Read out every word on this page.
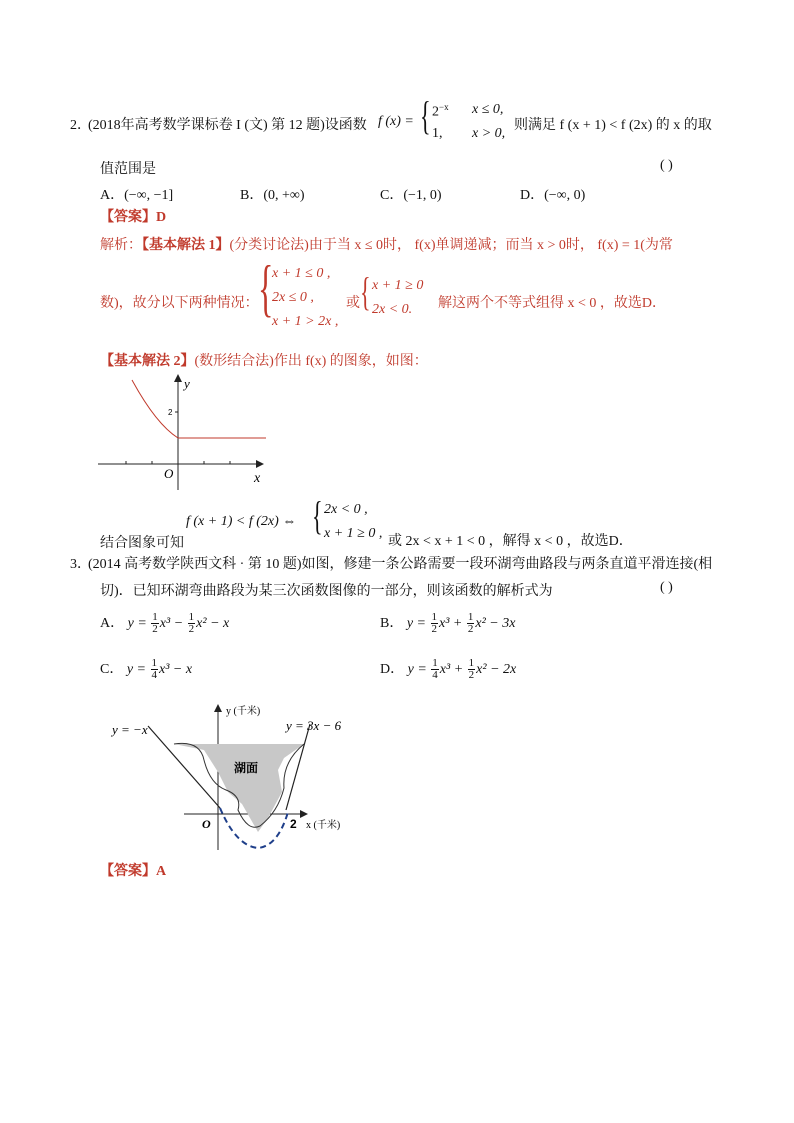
2．
(2018年高考数学课标卷 I (文) 第 12 题)设函数 f (x) = { $2^{-x}$ x ≤ 0,
1, x > 0,
则满足 f (x + 1) < f (2x) 的 x 的取
值范围是	( )
A．(−∞, −1]	B．(0, +∞)	C．(−1, 0)	D．(−∞, 0)
【答案】D
解析：【基本解法 1】(分类讨论法)由于当 x ≤ 0时， f(x)单调递减；而当 x > 0时， f(x) = 1(为常
数)，故分以下两种情况： {
x + 1 ≤ 0 ,
2x ≤ 0 ,
x + 1 > 2x ,
或 { x + 1 ≥ 0
2x < 0. 解这两个不等式组得 x < 0 ，故选D．
【基本解法 2】(数形结合法)作出 f(x) 的图象，如图：
y
x
O
2
结合图象可知
f (x + 1) < f (2x) ⇔ { 2x < 0 ,
x + 1 ≥ 0 ,
或 2x < x + 1 < 0 ，解得 x < 0 ，故选D．
3．
(2014 高考数学陕西文科 · 第 10 题)如图，修建一条公路需要一段环湖弯曲路段与两条直道平滑连接(相
切)．已知环湖弯曲路段为某三次函数图像的一部分，则该函数的解析式为	( )
A． $y = \frac{1}{2} x^3 - \frac{1}{2} x^2 - x$	B． $y = \frac{1}{2} x^3 + \frac{1}{2} x^2 - 3x$
C． $y = \frac{1}{4} x^3 - x$	D． $y = \frac{1}{4} x^3 + \frac{1}{2} x^2 - 2x$
y = −x	y = 3x − 6
y (千米)
x (千米)
O	2
湖面
【答案】A
